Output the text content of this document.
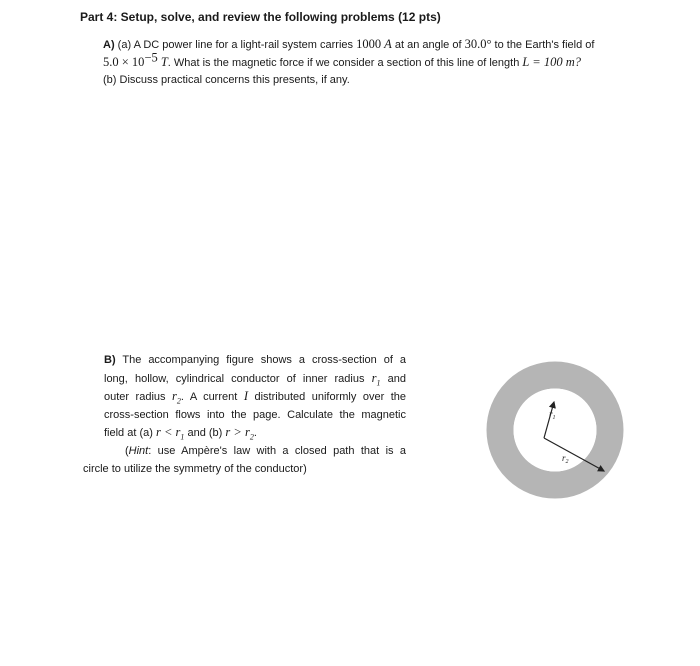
Part 4: Setup, solve, and review the following problems (12 pts)
A) (a) A DC power line for a light-rail system carries 1000 A at an angle of 30.0° to the Earth's field of
$5.0 \times 10^{-5}$ T. What is the magnetic force if we consider a section of this line of length L = 100 m?
(b) Discuss practical concerns this presents, if any.
B) The accompanying figure shows a cross-section of a
long, hollow, cylindrical conductor of inner radius $r_1$ and
outer radius $r_2$. A current I distributed uniformly over the
cross-section flows into the page. Calculate the magnetic
field at (a) $r < r_1$ and (b) $r > r_2$.
(Hint: use Ampère's law with a closed path that is a
circle to utilize the symmetry of the conductor)
$r_1$
$r_2$
